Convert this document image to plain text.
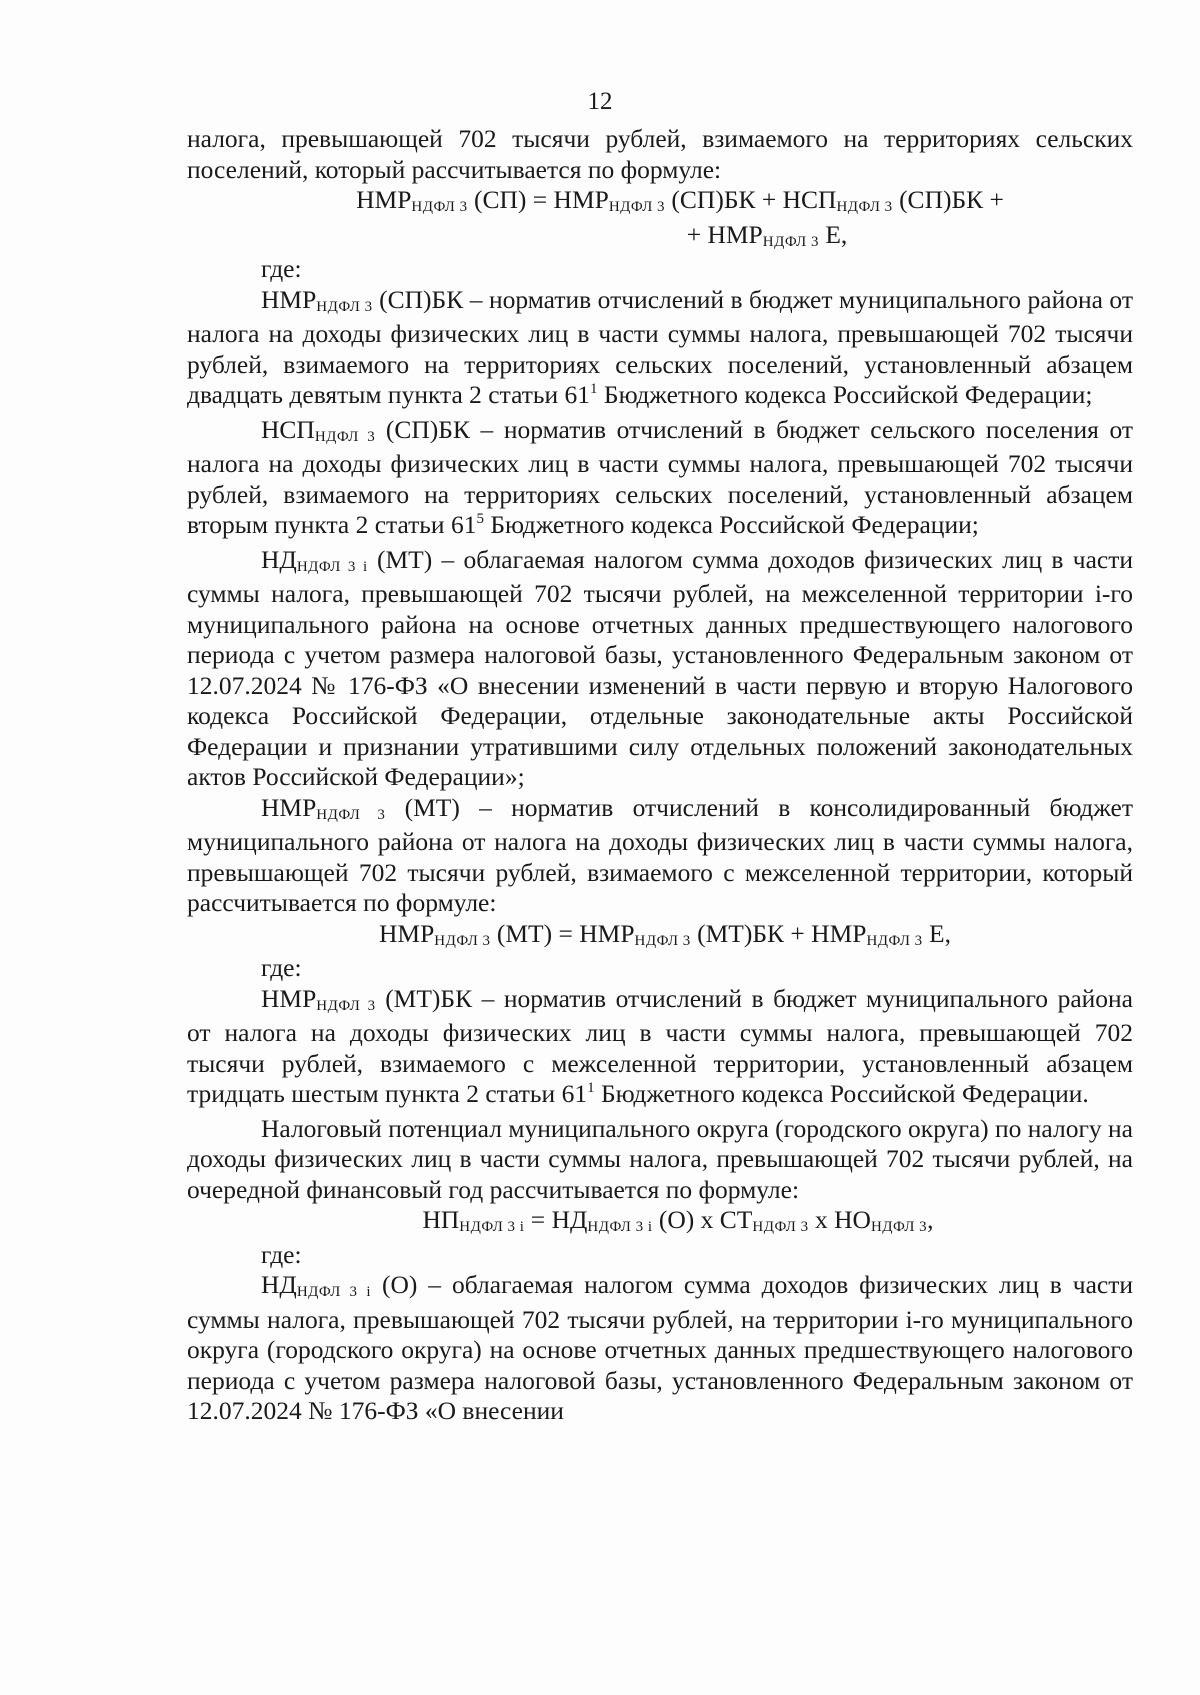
12

налога, превышающей 702 тысячи рублей, взимаемого на территориях сельских поселений, который рассчитывается по формуле:

НМРНДФЛ 3 (СП) = НМРНДФЛ 3 (СП)БК + НСПНДФЛ 3 (СП)БК +

+ НМРНДФЛ 3 Е,

где:

НМРНДФЛ 3 (СП)БК – норматив отчислений в бюджет муниципального района от налога на доходы физических лиц в части суммы налога, превышающей 702 тысячи рублей, взимаемого на территориях сельских поселений, установленный абзацем двадцать девятым пункта 2 статьи $61^1$ Бюджетного кодекса Российской Федерации;

НСПНДФЛ 3 (СП)БК – норматив отчислений в бюджет сельского поселения от налога на доходы физических лиц в части суммы налога, превышающей 702 тысячи рублей, взимаемого на территориях сельских поселений, установленный абзацем вторым пункта 2 статьи $61^5$ Бюджетного кодекса Российской Федерации;

НДНДФЛ 3 i (МТ) – облагаемая налогом сумма доходов физических лиц в части суммы налога, превышающей 702 тысячи рублей, на межселенной территории i-го муниципального района на основе отчетных данных предшествующего налогового периода с учетом размера налоговой базы, установленного Федеральным законом от 12.07.2024 № 176-ФЗ «О внесении изменений в части первую и вторую Налогового кодекса Российской Федерации, отдельные законодательные акты Российской Федерации и признании утратившими силу отдельных положений законодательных актов Российской Федерации»;

НМРНДФЛ 3 (МТ) – норматив отчислений в консолидированный бюджет муниципального района от налога на доходы физических лиц в части суммы налога, превышающей 702 тысячи рублей, взимаемого с межселенной территории, который рассчитывается по формуле:

НМРНДФЛ 3 (МТ) = НМРНДФЛ 3 (МТ)БК + НМРНДФЛ 3 Е,

где:

НМРНДФЛ 3 (МТ)БК – норматив отчислений в бюджет муниципального района от налога на доходы физических лиц в части суммы налога, превышающей 702 тысячи рублей, взимаемого с межселенной территории, установленный абзацем тридцать шестым пункта 2 статьи $61^1$ Бюджетного кодекса Российской Федерации.

Налоговый потенциал муниципального округа (городского округа) по налогу на доходы физических лиц в части суммы налога, превышающей 702 тысячи рублей, на очередной финансовый год рассчитывается по формуле:

НПНДФЛ 3 i = НДНДФЛ 3 i (О) x СТНДФЛ 3 x НОНДФЛ 3,

где:

НДНДФЛ 3 i (О) – облагаемая налогом сумма доходов физических лиц в части суммы налога, превышающей 702 тысячи рублей, на территории i-го муниципального округа (городского округа) на основе отчетных данных предшествующего налогового периода с учетом размера налоговой базы, установленного Федеральным законом от 12.07.2024 № 176-ФЗ «О внесении
